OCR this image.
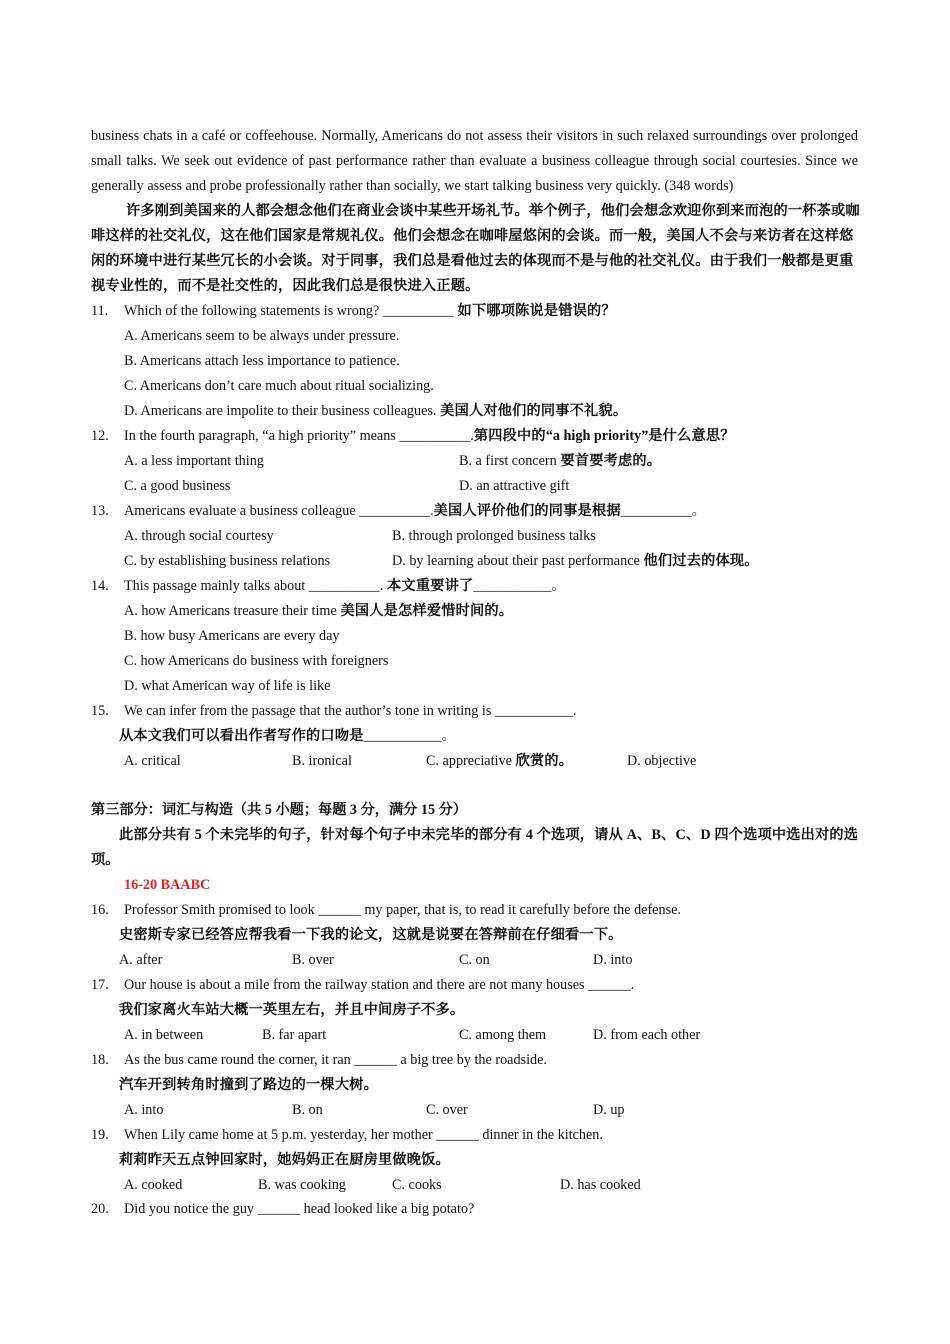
business chats in a café or coffeehouse. Normally, Americans do not assess their visitors in such relaxed surroundings over prolonged
small talks. We seek out evidence of past performance rather than evaluate a business colleague through social courtesies. Since we
generally assess and probe professionally rather than socially, we start talking business very quickly. (348 words)
许多刚到美国来的人都会想念他们在商业会谈中某些开场礼节。举个例子，他们会想念欢迎你到来而泡的一杯茶或咖
啡这样的社交礼仪，这在他们国家是常规礼仪。他们会想念在咖啡屋悠闲的会谈。而一般，美国人不会与来访者在这样悠
闲的环境中进行某些冗长的小会谈。对于同事，我们总是看他过去的体现而不是与他的社交礼仪。由于我们一般都是更重
视专业性的，而不是社交性的，因此我们总是很快进入正题。
11. Which of the following statements is wrong? __________ 如下哪项陈说是错误的？
A. Americans seem to be always under pressure.
B. Americans attach less importance to patience.
C. Americans don’t care much about ritual socializing.
D. Americans are impolite to their business colleagues. 美国人对他们的同事不礼貌。
12. In the fourth paragraph, “a high priority” means __________.第四段中的“a high priority”是什么意思？
A. a less important thing	B. a first concern 要首要考虑的。
C. a good business	D. an attractive gift
13. Americans evaluate a business colleague __________.美国人评价他们的同事是根据__________。
A. through social courtesy	B. through prolonged business talks
C. by establishing business relations	D. by learning about their past performance 他们过去的体现。
14. This passage mainly talks about __________. 本文重要讲了___________。
A. how Americans treasure their time 美国人是怎样爱惜时间的。
B. how busy Americans are every day
C. how Americans do business with foreigners
D. what American way of life is like
15. We can infer from the passage that the author’s tone in writing is ___________.
从本文我们可以看出作者写作的口吻是___________。
A. critical	B. ironical	C. appreciative 欣赏的。	D. objective
第三部分：词汇与构造（共 5 小题；每题 3 分，满分 15 分）
此部分共有 5 个未完毕的句子，针对每个句子中未完毕的部分有 4 个选项，请从 A、B、C、D 四个选项中选出对的选
项。
16-20 BAABC
16. Professor Smith promised to look ______ my paper, that is, to read it carefully before the defense.
史密斯专家已经答应帮我看一下我的论文，这就是说要在答辩前在仔细看一下。
A. after	B. over	C. on	D. into
17. Our house is about a mile from the railway station and there are not many houses ______.
我们家离火车站大概一英里左右，并且中间房子不多。
A. in between	B. far apart	C. among them	D. from each other
18. As the bus came round the corner, it ran ______ a big tree by the roadside.
汽车开到转角时撞到了路边的一棵大树。
A. into	B. on	C. over	D. up
19. When Lily came home at 5 p.m. yesterday, her mother ______ dinner in the kitchen.
莉莉昨天五点钟回家时，她妈妈正在厨房里做晚饭。
A. cooked	B. was cooking	C. cooks	D. has cooked
20. Did you notice the guy ______ head looked like a big potato?
